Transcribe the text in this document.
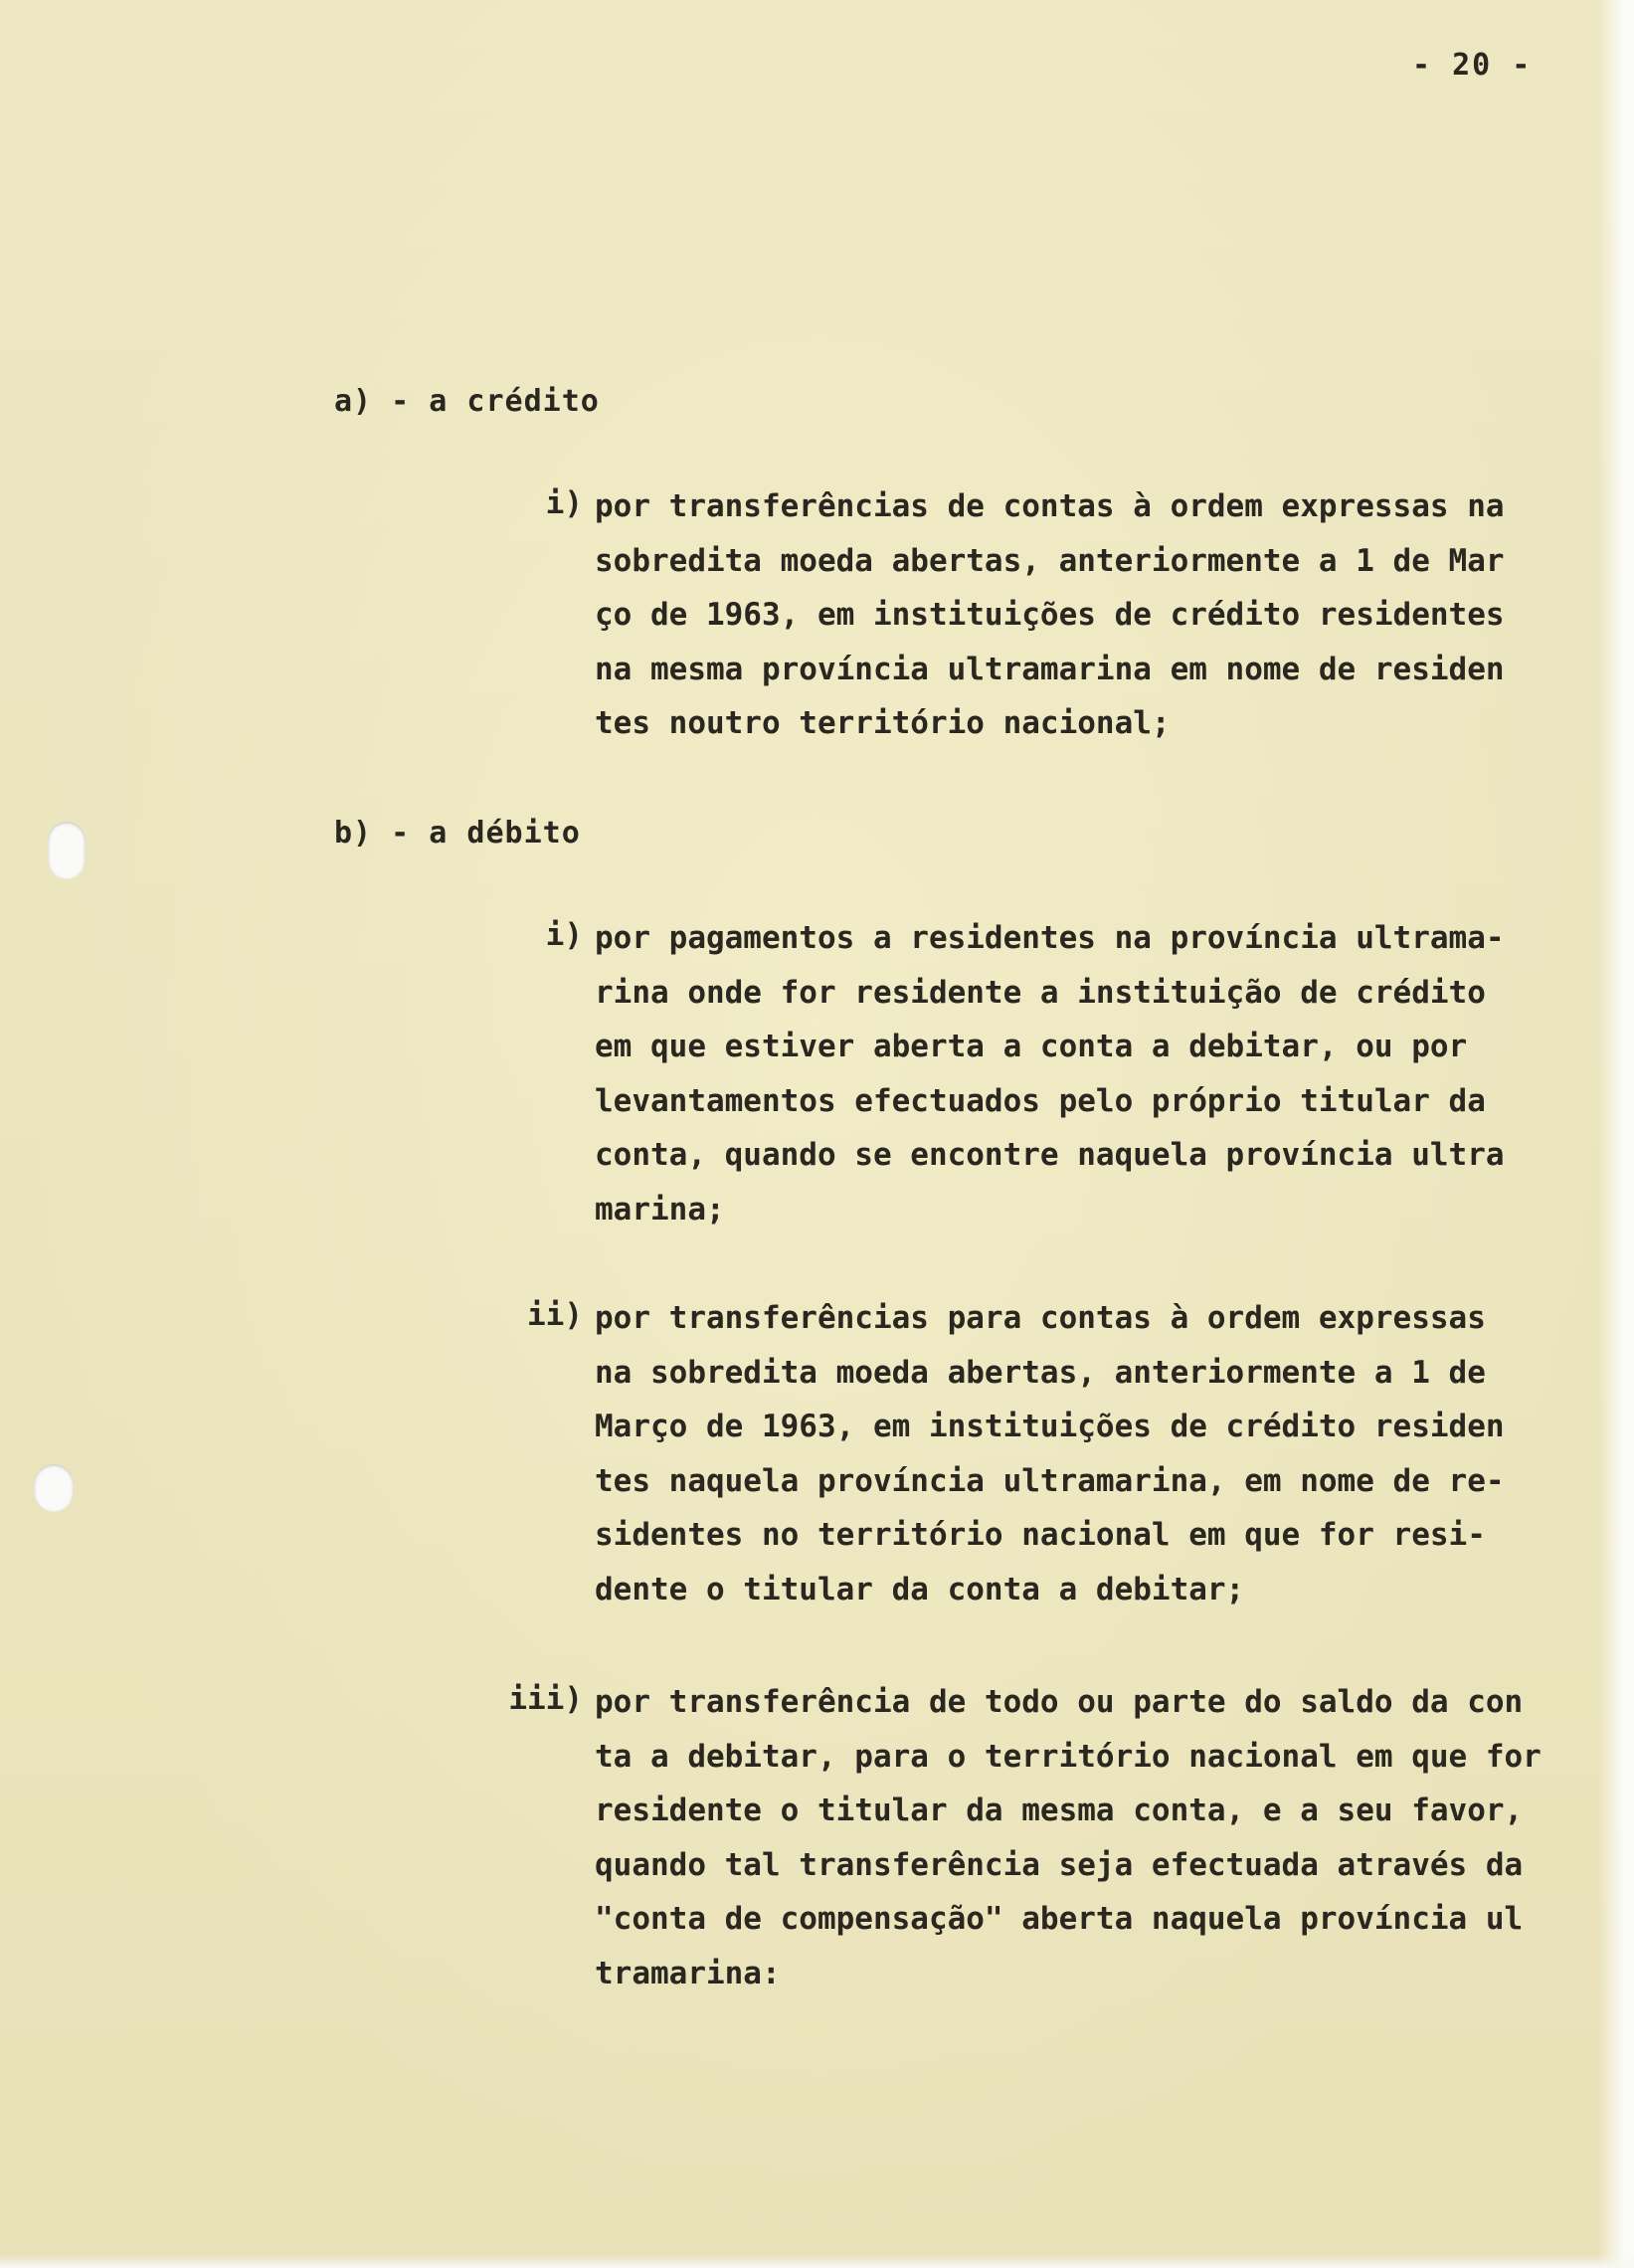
- 20 -
a) - a crédito
i) por transferências de contas à ordem expressas na
sobredita moeda abertas, anteriormente a 1 de Mar
ço de 1963, em instituições de crédito residentes
na mesma província ultramarina em nome de residen
tes noutro território nacional;
b) - a débito
i) por pagamentos a residentes na província ultrama-
rina onde for residente a instituição de crédito
em que estiver aberta a conta a debitar, ou por
levantamentos efectuados pelo próprio titular da
conta, quando se encontre naquela província ultra
marina;
ii) por transferências para contas à ordem expressas
na sobredita moeda abertas, anteriormente a 1 de
Março de 1963, em instituições de crédito residen
tes naquela província ultramarina, em nome de re-
sidentes no território nacional em que for resi-
dente o titular da conta a debitar;
iii) por transferência de todo ou parte do saldo da con
ta a debitar, para o território nacional em que for
residente o titular da mesma conta, e a seu favor,
quando tal transferência seja efectuada através da
"conta de compensação" aberta naquela província ul
tramarina:
